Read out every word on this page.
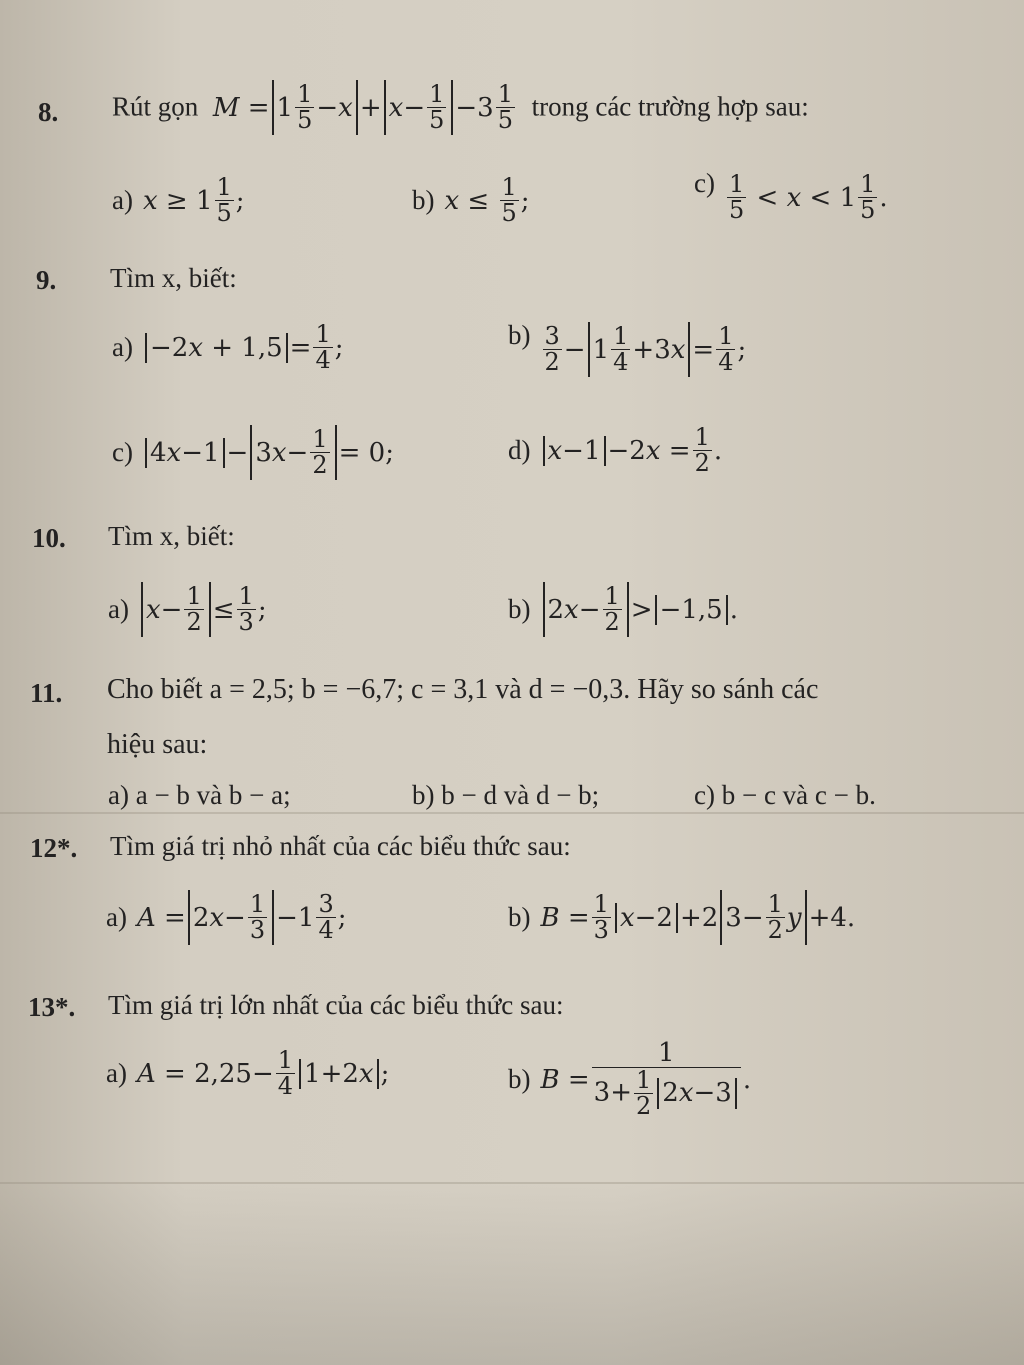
8. Rút gọn $M = 1 \frac{1}{5} - x + x - \frac{1}{5} -3 \frac{1}{5}$ trong các trường hợp sau:
a) $x \ge 1 \frac{1}{5}$ ;	b) $x \le \frac{1}{5}$ ;
$c) \frac{1}{5} < x < 1 \frac{1}{5}$ .
9. Tìm x, biết:
a) −2 $x + 1,5 = \frac{1}{4}$ ;	$b) \frac{3}{2} - 1 \frac{1}{4} +3$ $x = \frac{1}{4}$ ;
c) 4 x −1 − 3 $x - \frac{1}{2} = 0$;	d) x −1 −2 $x = \frac{1}{2}$ .
10. Tìm x, biết:
a) $x - \frac{1}{2} \le \frac{1}{3}$ ;	b) 2 $x - \frac{1}{2} > -1,5$ .
11. Cho biết a = 2,5; b = −6,7; c = 3,1 và d = −0,3. Hãy so sánh các
hiệu sau:
a) a − b và b − a;	b) b − d và d − b;	c) b − c và c − b.
12*. Tìm giá trị nhỏ nhất của các biểu thức sau:
a) A = 2 $x - \frac{1}{3} -1 \frac{3}{4}$ ;	b) $B = \frac{1}{3}$ x −2 +2 $3- \frac{1}{2}$ y +4.
13*. Tìm giá trị lớn nhất của các biểu thức sau:
a) $A = 2,25- \frac{1}{4} 1+2$ x ;	b) $B = \frac{1}{3+ \frac{1}{2} 2 x -3}$ .
